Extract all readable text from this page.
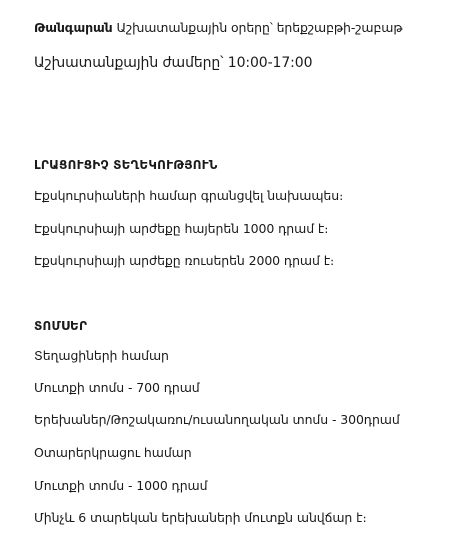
Թանգարան Աշխատանքային օրերը՝ երեքշաբթի-շաբաթ
Աշխատանքային ժամերը՝ 10:00-17:00
ԼՐԱՑՈՒՑԻՉ ՏԵՂԵԿՈՒԹՅՈՒՆ
Էքսկուրսիաների համար գրանցվել նախապես։
Էքսկուրսիայի արժեքը հայերեն 1000 դրամ է։
Էքսկուրսիայի արժեքը ռուսերեն 2000 դրամ է։
ՏՈՄՍԵՐ
Տեղացիների համար
Մուտքի տոմս - 700 դրամ
Երեխաներ/Թոշակառու/ուսանողական տոմս - 300դրամ
Օտարերկրացու համար
Մուտքի տոմս - 1000 դրամ
Մինչև 6 տարեկան երեխաների մուտքն անվճար է։
